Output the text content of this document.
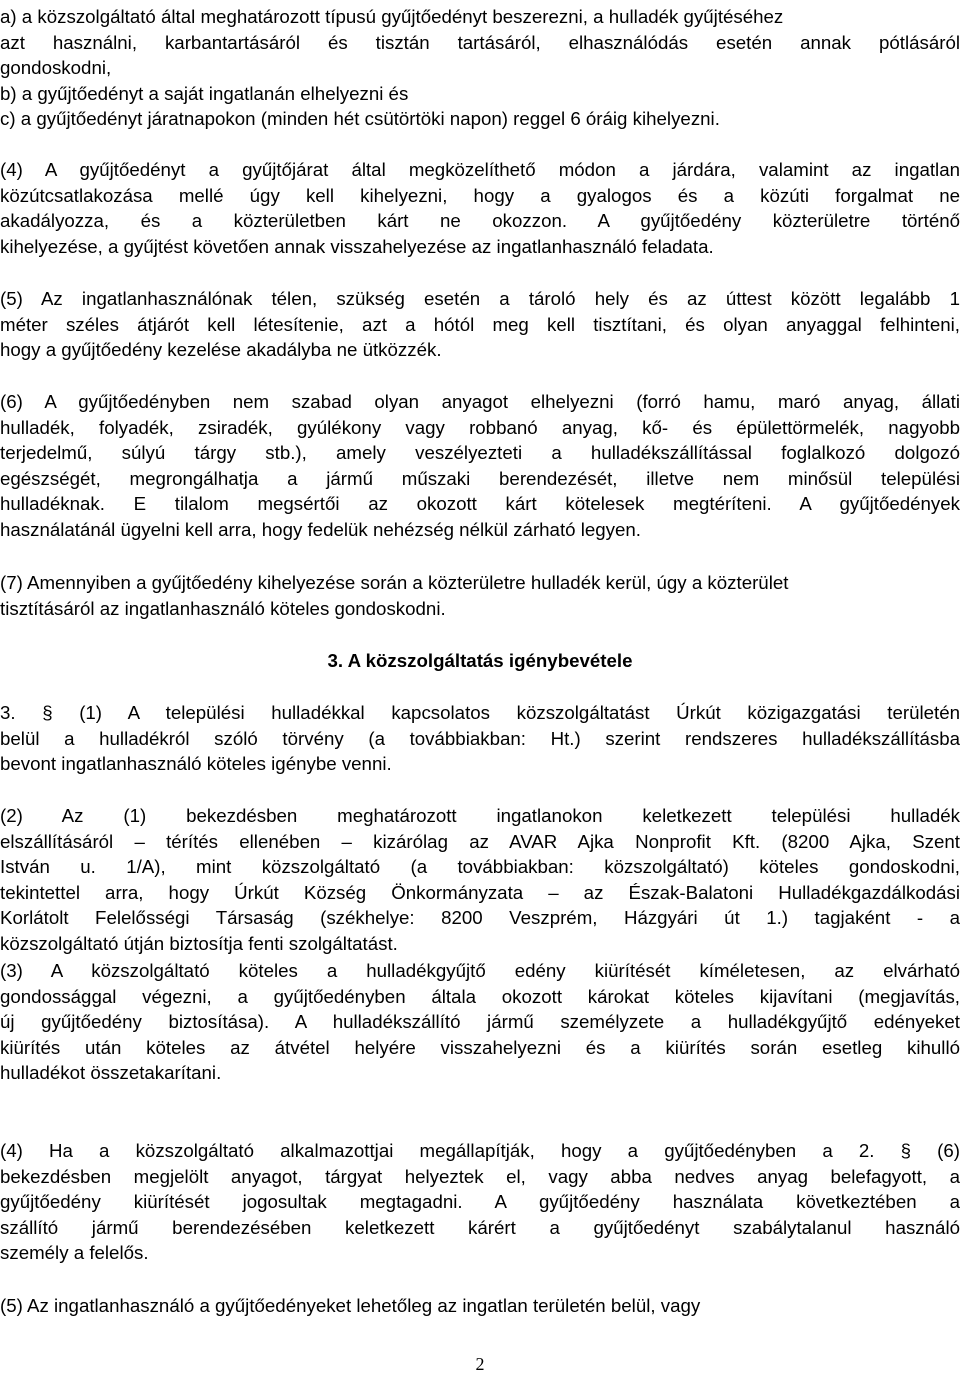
a) a közszolgáltató által meghatározott típusú gyűjtőedényt beszerezni, a hulladék gyűjtéséhez
azt használni, karbantartásáról és tisztán tartásáról, elhasználódás esetén annak pótlásáról
gondoskodni,
b) a gyűjtőedényt a saját ingatlanán elhelyezni és
c) a gyűjtőedényt járatnapokon (minden hét csütörtöki napon) reggel 6 óráig kihelyezni.
(4) A gyűjtőedényt a gyűjtőjárat által megközelíthető módon a járdára, valamint az ingatlan
közútcsatlakozása mellé úgy kell kihelyezni, hogy a gyalogos és a közúti forgalmat ne
akadályozza, és a közterületben kárt ne okozzon. A gyűjtőedény közterületre történő
kihelyezése, a gyűjtést követően annak visszahelyezése az ingatlanhasználó feladata.
(5) Az ingatlanhasználónak télen, szükség esetén a tároló hely és az úttest között legalább 1
méter széles átjárót kell létesítenie, azt a hótól meg kell tisztítani, és olyan anyaggal felhinteni,
hogy a gyűjtőedény kezelése akadályba ne ütközzék.
(6) A gyűjtőedényben nem szabad olyan anyagot elhelyezni (forró hamu, maró anyag, állati
hulladék, folyadék, zsiradék, gyúlékony vagy robbanó anyag, kő- és épülettörmelék, nagyobb
terjedelmű, súlyú tárgy stb.), amely veszélyezteti a hulladékszállítással foglalkozó dolgozó
egészségét, megrongálhatja a jármű műszaki berendezését, illetve nem minősül települési
hulladéknak. E tilalom megsértői az okozott kárt kötelesek megtéríteni. A gyűjtőedények
használatánál ügyelni kell arra, hogy fedelük nehézség nélkül zárható legyen.
(7) Amennyiben a gyűjtőedény kihelyezése során a közterületre hulladék kerül, úgy a közterület
tisztításáról az ingatlanhasználó köteles gondoskodni.
3. A közszolgáltatás igénybevétele
3. § (1) A települési hulladékkal kapcsolatos közszolgáltatást Úrkút közigazgatási területén
belül a hulladékról szóló törvény (a továbbiakban: Ht.) szerint rendszeres hulladékszállításba
bevont ingatlanhasználó köteles igénybe venni.
(2) Az (1) bekezdésben meghatározott ingatlanokon keletkezett települési hulladék
elszállításáról – térítés ellenében – kizárólag az AVAR Ajka Nonprofit Kft. (8200 Ajka, Szent
István u. 1/A), mint közszolgáltató (a továbbiakban: közszolgáltató) köteles gondoskodni,
tekintettel arra, hogy Úrkút Község Önkormányzata – az Észak-Balatoni Hulladékgazdálkodási
Korlátolt Felelősségi Társaság (székhelye: 8200 Veszprém, Házgyári út 1.) tagjaként - a
közszolgáltató útján biztosítja fenti szolgáltatást.
(3) A közszolgáltató köteles a hulladékgyűjtő edény kiürítését kíméletesen, az elvárható
gondossággal végezni, a gyűjtőedényben általa okozott károkat köteles kijavítani (megjavítás,
új gyűjtőedény biztosítása). A hulladékszállító jármű személyzete a hulladékgyűjtő edényeket
kiürítés után köteles az átvétel helyére visszahelyezni és a kiürítés során esetleg kihulló
hulladékot összetakarítani.
(4) Ha a közszolgáltató alkalmazottjai megállapítják, hogy a gyűjtőedényben a 2. § (6)
bekezdésben megjelölt anyagot, tárgyat helyeztek el, vagy abba nedves anyag belefagyott, a
gyűjtőedény kiürítését jogosultak megtagadni. A gyűjtőedény használata következtében a
szállító jármű berendezésében keletkezett kárért a gyűjtőedényt szabálytalanul használó
személy a felelős.
(5) Az ingatlanhasználó a gyűjtőedényeket lehetőleg az ingatlan területén belül, vagy
2
